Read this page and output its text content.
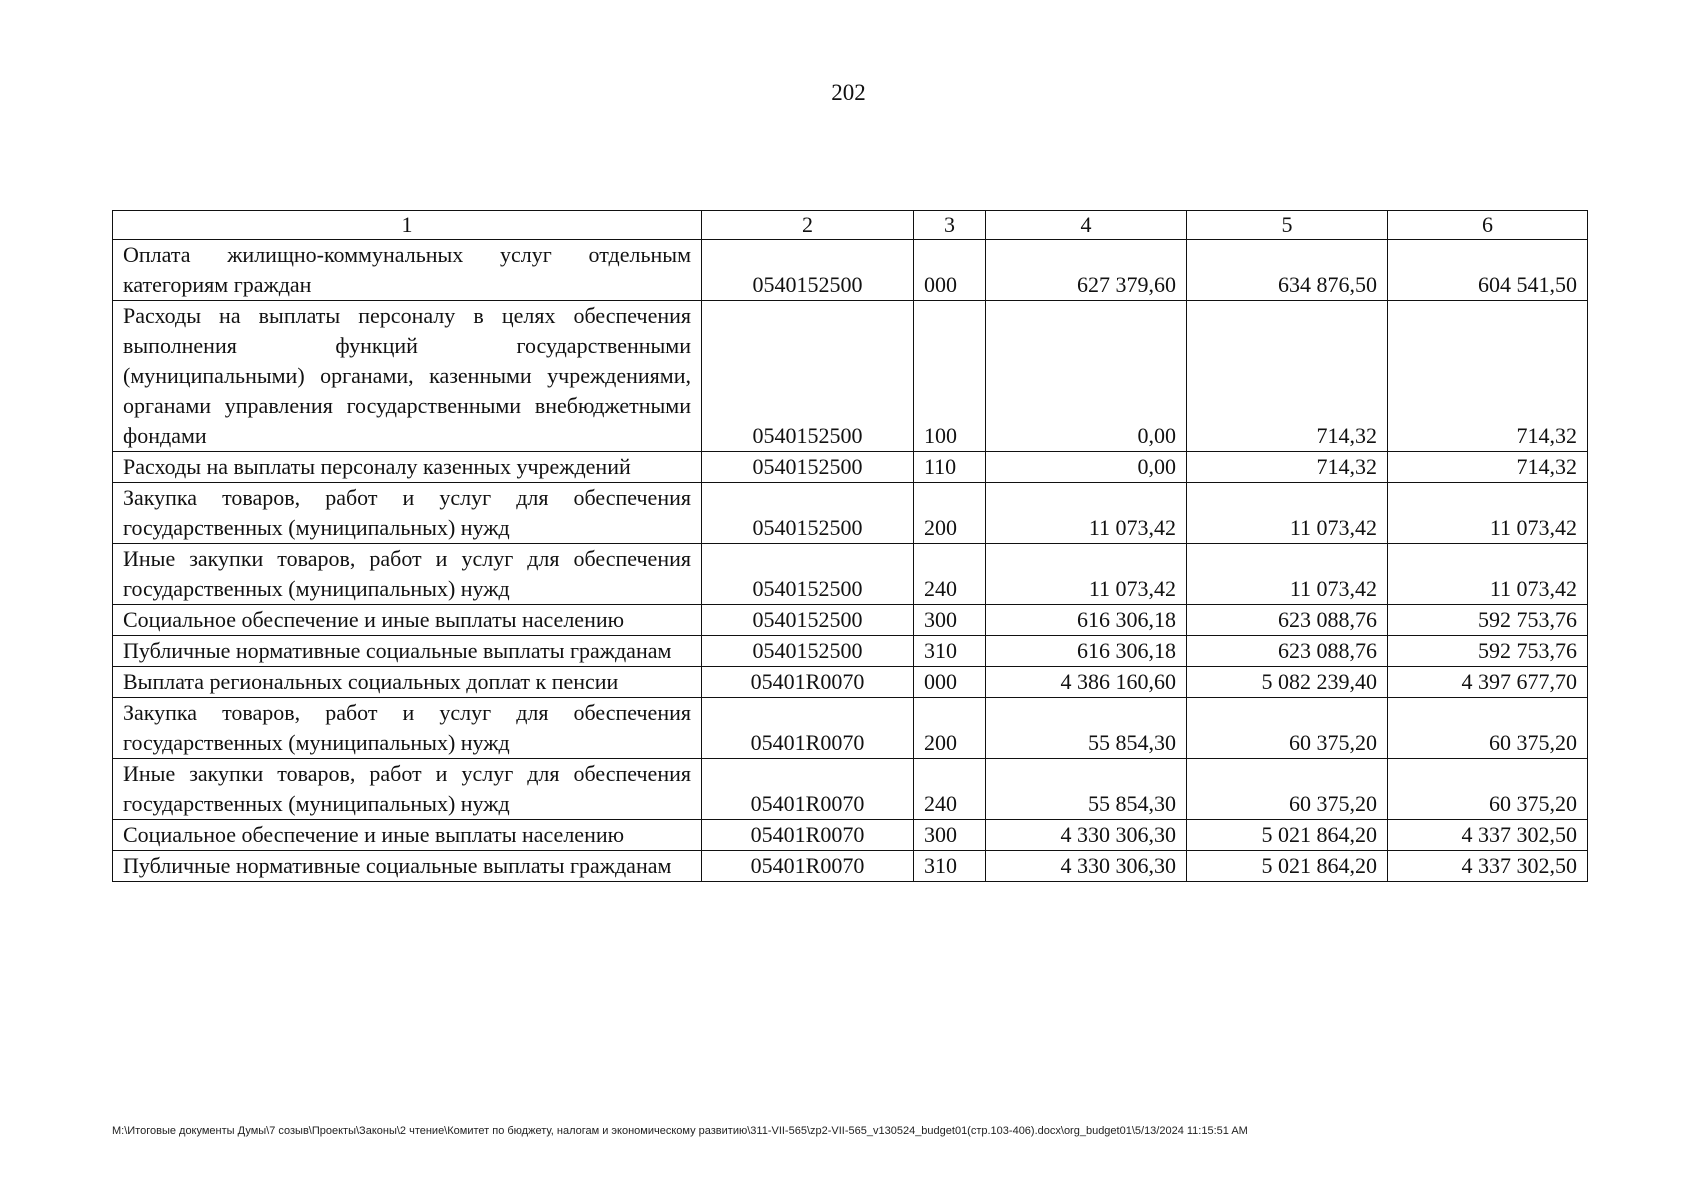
202
1	2	3	4	5	6
Оплата жилищно-коммунальных услуг отдельным категориям граждан	0540152500	000	627 379,60	634 876,50	604 541,50
Расходы на выплаты персоналу в целях обеспечения выполнения функций государственными (муниципальными) органами, казенными учреждениями, органами управления государственными внебюджетными фондами	0540152500	100	0,00	714,32	714,32
Расходы на выплаты персоналу казенных учреждений	0540152500	110	0,00	714,32	714,32
Закупка товаров, работ и услуг для обеспечения государственных (муниципальных) нужд	0540152500	200	11 073,42	11 073,42	11 073,42
Иные закупки товаров, работ и услуг для обеспечения государственных (муниципальных) нужд	0540152500	240	11 073,42	11 073,42	11 073,42
Социальное обеспечение и иные выплаты населению	0540152500	300	616 306,18	623 088,76	592 753,76
Публичные нормативные социальные выплаты гражданам	0540152500	310	616 306,18	623 088,76	592 753,76
Выплата региональных социальных доплат к пенсии	05401R0070	000	4 386 160,60	5 082 239,40	4 397 677,70
Закупка товаров, работ и услуг для обеспечения государственных (муниципальных) нужд	05401R0070	200	55 854,30	60 375,20	60 375,20
Иные закупки товаров, работ и услуг для обеспечения государственных (муниципальных) нужд	05401R0070	240	55 854,30	60 375,20	60 375,20
Социальное обеспечение и иные выплаты населению	05401R0070	300	4 330 306,30	5 021 864,20	4 337 302,50
Публичные нормативные социальные выплаты гражданам	05401R0070	310	4 330 306,30	5 021 864,20	4 337 302,50
М:\Итоговые документы Думы\7 созыв\Проекты\Законы\2 чтение\Комитет по бюджету, налогам и экономическому развитию\311-VII-565\zp2-VII-565_v130524_budget01(стр.103-406).docx\org_budget01\5/13/2024 11:15:51 AM
